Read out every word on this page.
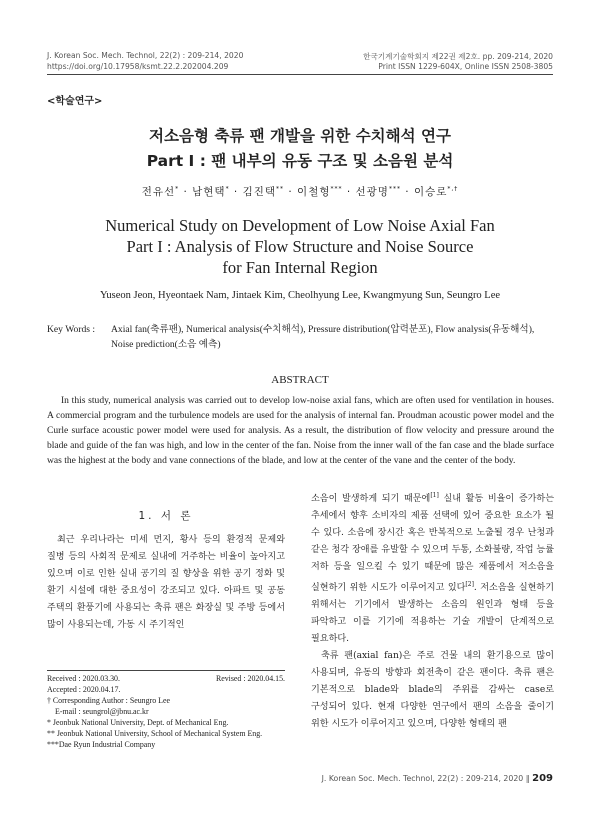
J. Korean Soc. Mech. Technol, 22(2) : 209-214, 2020
https://doi.org/10.17958/ksmt.22.2.202004.209
한국기계기술학회지 제22권 제2호. pp. 209-214, 2020
Print ISSN 1229-604X, Online ISSN 2508-3805
<학술연구>
저소음형 축류 팬 개발을 위한 수치해석 연구
Part Ⅰ : 팬 내부의 유동 구조 및 소음원 분석
전유선* · 남현택* · 김진택** · 이철형*** · 선광명*** · 이승로*,†
Numerical Study on Development of Low Noise Axial Fan
Part I : Analysis of Flow Structure and Noise Source
for Fan Internal Region
Yuseon Jeon, Hyeontaek Nam, Jintaek Kim, Cheolhyung Lee, Kwangmyung Sun, Seungro Lee
Key Words : Axial fan(축류팬), Numerical analysis(수치해석), Pressure distribution(압력분포), Flow analysis(유동해석),
Noise prediction(소음 예측)
ABSTRACT
In this study, numerical analysis was carried out to develop low-noise axial fans, which are often used for ventilation in houses. A commercial program and the turbulence models are used for the analysis of internal fan. Proudman acoustic power model and the Curle surface acoustic power model were used for analysis. As a result, the distribution of flow velocity and pressure around the blade and guide of the fan was high, and low in the center of the fan. Noise from the inner wall of the fan case and the blade surface was the highest at the body and vane connections of the blade, and low at the center of the vane and the center of the body.
1. 서 론
최근 우리나라는 미세 먼지, 황사 등의 환경적 문제와 질병 등의 사회적 문제로 실내에 거주하는 비율이 높아지고 있으며 이로 인한 실내 공기의 질 향상을 위한 공기 정화 및 환기 시설에 대한 중요성이 강조되고 있다. 아파트 및 공동 주택의 환풍기에 사용되는 축류 팬은 화장실 및 주방 등에서 많이 사용되는데, 가동 시 주기적인
소음이 발생하게 되기 때문에[1] 실내 활동 비율이 증가하는 추세에서 향후 소비자의 제품 선택에 있어 중요한 요소가 될 수 있다. 소음에 장시간 혹은 반복적으로 노출될 경우 난청과 같은 청각 장애를 유발할 수 있으며 두통, 소화불량, 작업 능률 저하 등을 일으킬 수 있기 때문에 많은 제품에서 저소음을 실현하기 위한 시도가 이루어지고 있다[2]. 저소음을 실현하기 위해서는 기기에서 발생하는 소음의 원인과 형태 등을 파악하고 이를 기기에 적용하는 기술 개발이 단계적으로 필요하다.
축류 팬(axial fan)은 주로 건물 내의 환기용으로 많이 사용되며, 유동의 방향과 회전축이 같은 팬이다. 축류 팬은 기본적으로 blade와 blade의 주위를 감싸는 case로 구성되어 있다. 현재 다양한 연구에서 팬의 소음을 줄이기 위한 시도가 이루어지고 있으며, 다양한 형태의 팬
Received : 2020.03.30.	Revised : 2020.04.15.
Accepted : 2020.04.17.
† Corresponding Author : Seungro Lee
E-mail : seungrol@jbnu.ac.kr
* Jeonbuk National University, Dept. of Mechanical Eng.
** Jeonbuk National University, School of Mechanical System Eng.
***Dae Ryun Industrial Company
J. Korean Soc. Mech. Technol, 22(2) : 209-214, 2020 ‖ 209
